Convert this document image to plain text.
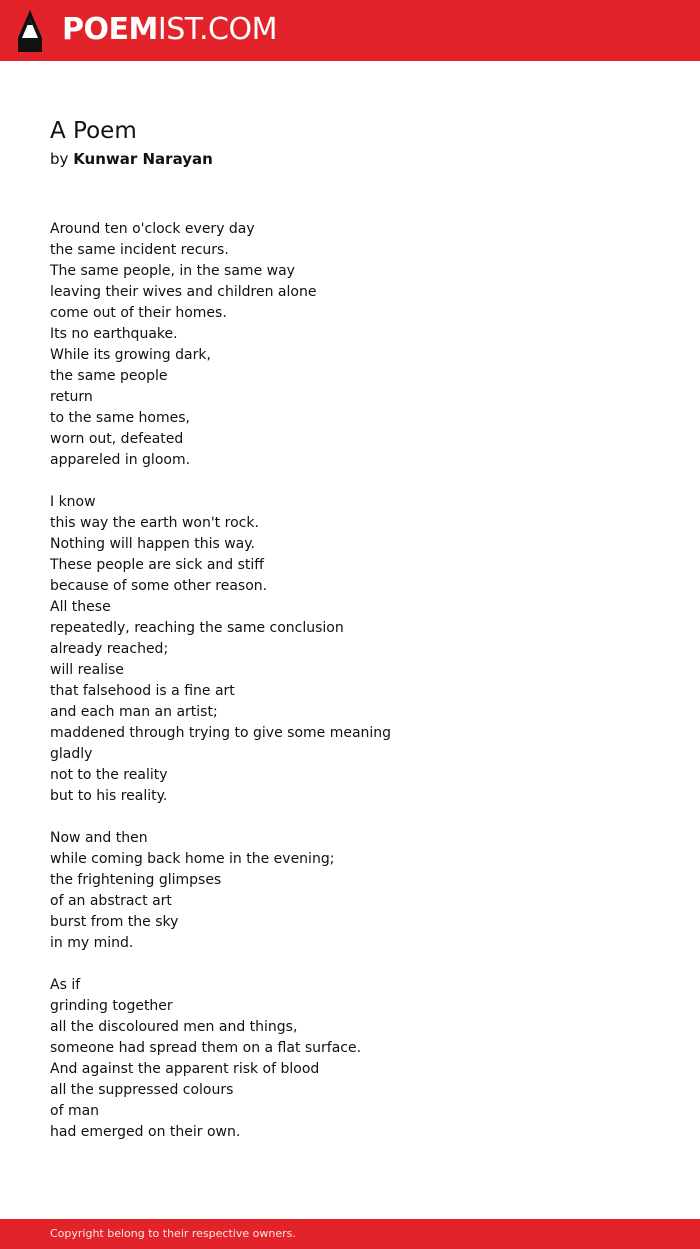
POEMIST.COM
A Poem
by Kunwar Narayan
Around ten o'clock every day
the same incident recurs.
The same people, in the same way
leaving their wives and children alone
come out of their homes.
Its no earthquake.
While its growing dark,
the same people
return
to the same homes,
worn out, defeated
appareled in gloom.
I know
this way the earth won't rock.
Nothing will happen this way.
These people are sick and stiff
because of some other reason.
All these
repeatedly, reaching the same conclusion
already reached;
will realise
that falsehood is a fine art
and each man an artist;
maddened through trying to give some meaning
gladly
not to the reality
but to his reality.
Now and then
while coming back home in the evening;
the frightening glimpses
of an abstract art
burst from the sky
in my mind.
As if
grinding together
all the discoloured men and things,
someone had spread them on a flat surface.
And against the apparent risk of blood
all the suppressed colours
of man
had emerged on their own.
Copyright belong to their respective owners.
